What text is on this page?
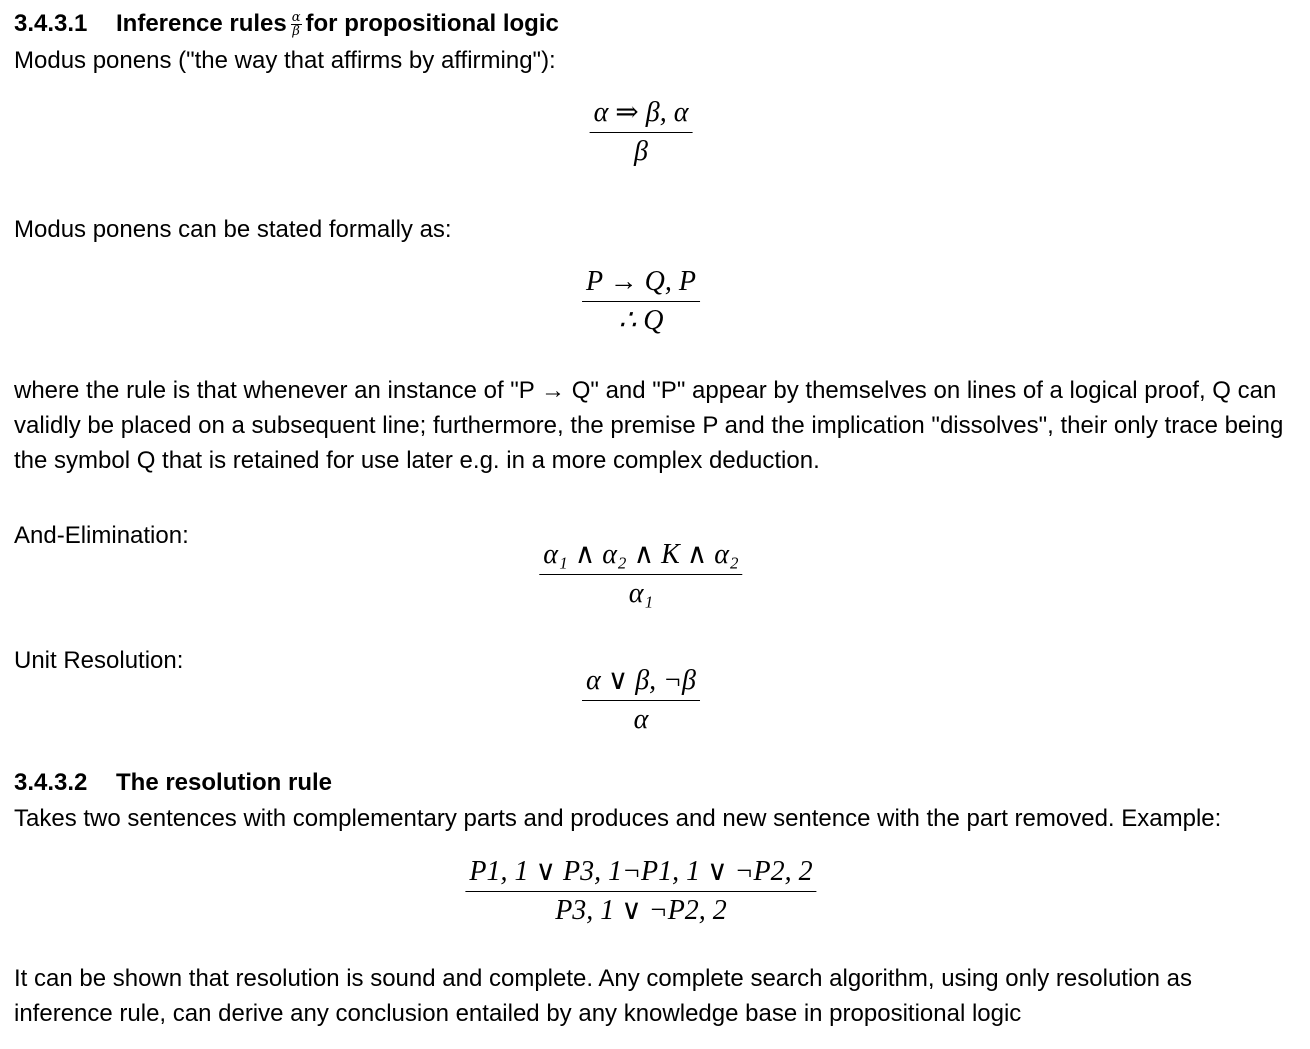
3.4.3.1 Inference rules $\frac{\alpha}{\beta}$ for propositional logic
Modus ponens ("the way that affirms by affirming"):
$\frac{\alpha \Rightarrow \beta, \alpha}{\beta}$
Modus ponens can be stated formally as:
$\frac{P \to Q, P}{\therefore Q}$
where the rule is that whenever an instance of "P → Q" and "P" appear by themselves on lines of a logical proof, Q can validly be placed on a subsequent line; furthermore, the premise P and the implication "dissolves", their only trace being the symbol Q that is retained for use later e.g. in a more complex deduction.
And-Elimination:
$\frac{\text{α₁ ∧ α₂ ∧ K ∧ α₂}}{\text{α₁}}$
Unit Resolution:
$\frac{\alpha \vee \beta, \neg\beta}{\alpha}$
3.4.3.2 The resolution rule
Takes two sentences with complementary parts and produces and new sentence with the part removed. Example:
$\frac{P1, 1 \vee P3, 1\neg P1, 1 \vee \neg P2, 2}{P3, 1 \vee \neg P2, 2}$
It can be shown that resolution is sound and complete. Any complete search algorithm, using only resolution as inference rule, can derive any conclusion entailed by any knowledge base in propositional logic
